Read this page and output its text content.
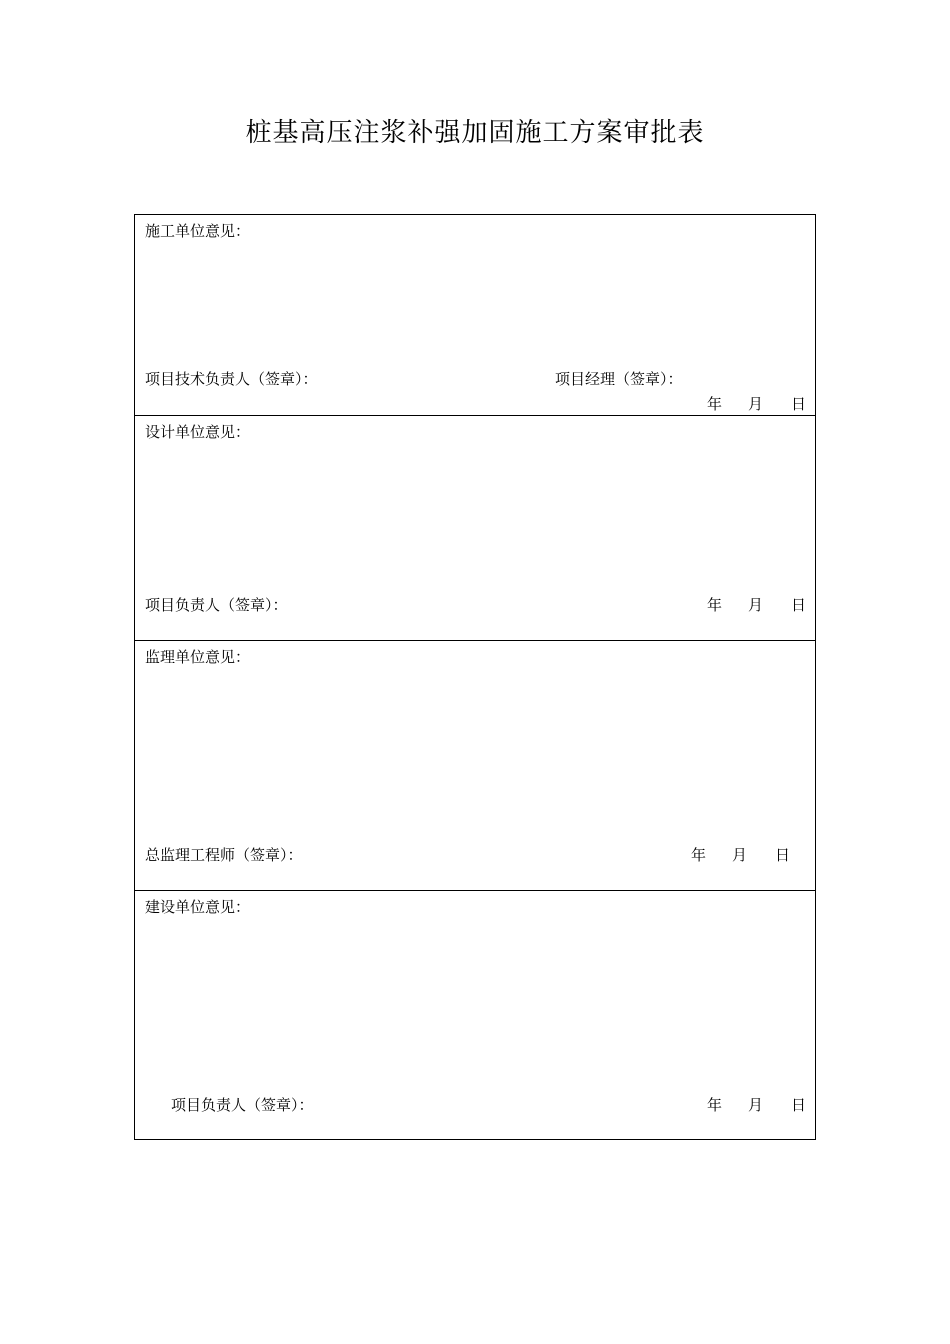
桩基高压注浆补强加固施工方案审批表
施工单位意见：
项目技术负责人（签章）：	项目经理（签章）：
年 月 日
设计单位意见：
项目负责人（签章）：	年 月 日
监理单位意见：
总监理工程师（签章）：	年 月 日
建设单位意见：
项目负责人（签章）：	年 月 日
